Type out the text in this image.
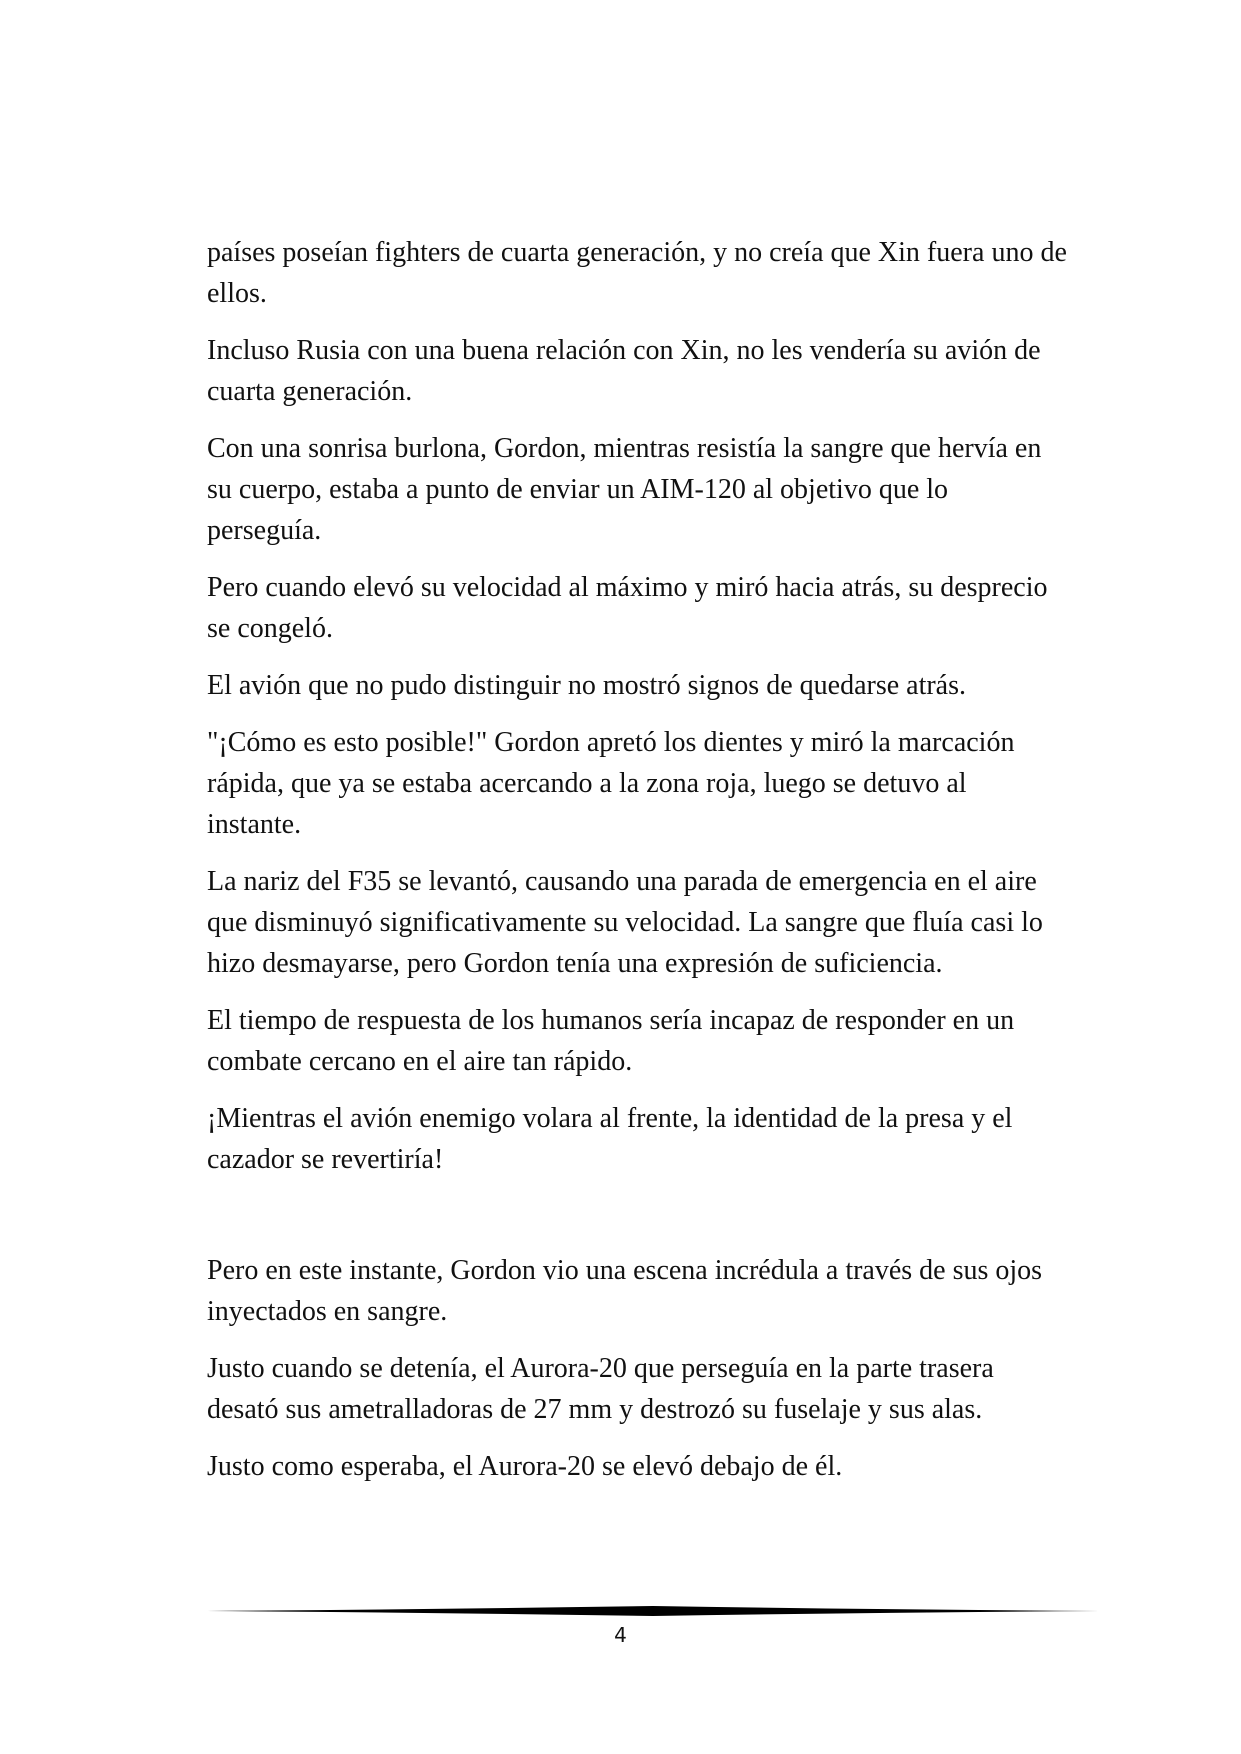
países poseían fighters de cuarta generación, y no creía que Xin fuera uno de ellos.

Incluso Rusia con una buena relación con Xin, no les vendería su avión de cuarta generación.

Con una sonrisa burlona, Gordon, mientras resistía la sangre que hervía en su cuerpo, estaba a punto de enviar un AIM-120 al objetivo que lo perseguía.

Pero cuando elevó su velocidad al máximo y miró hacia atrás, su desprecio se congeló.

El avión que no pudo distinguir no mostró signos de quedarse atrás.

"¡Cómo es esto posible!" Gordon apretó los dientes y miró la marcación rápida, que ya se estaba acercando a la zona roja, luego se detuvo al instante.

La nariz del F35 se levantó, causando una parada de emergencia en el aire que disminuyó significativamente su velocidad. La sangre que fluía casi lo hizo desmayarse, pero Gordon tenía una expresión de suficiencia.

El tiempo de respuesta de los humanos sería incapaz de responder en un combate cercano en el aire tan rápido.

¡Mientras el avión enemigo volara al frente, la identidad de la presa y el cazador se revertiría!

Pero en este instante, Gordon vio una escena incrédula a través de sus ojos inyectados en sangre.

Justo cuando se detenía, el Aurora-20 que perseguía en la parte trasera desató sus ametralladoras de 27 mm y destrozó su fuselaje y sus alas.

Justo como esperaba, el Aurora-20 se elevó debajo de él.

4
